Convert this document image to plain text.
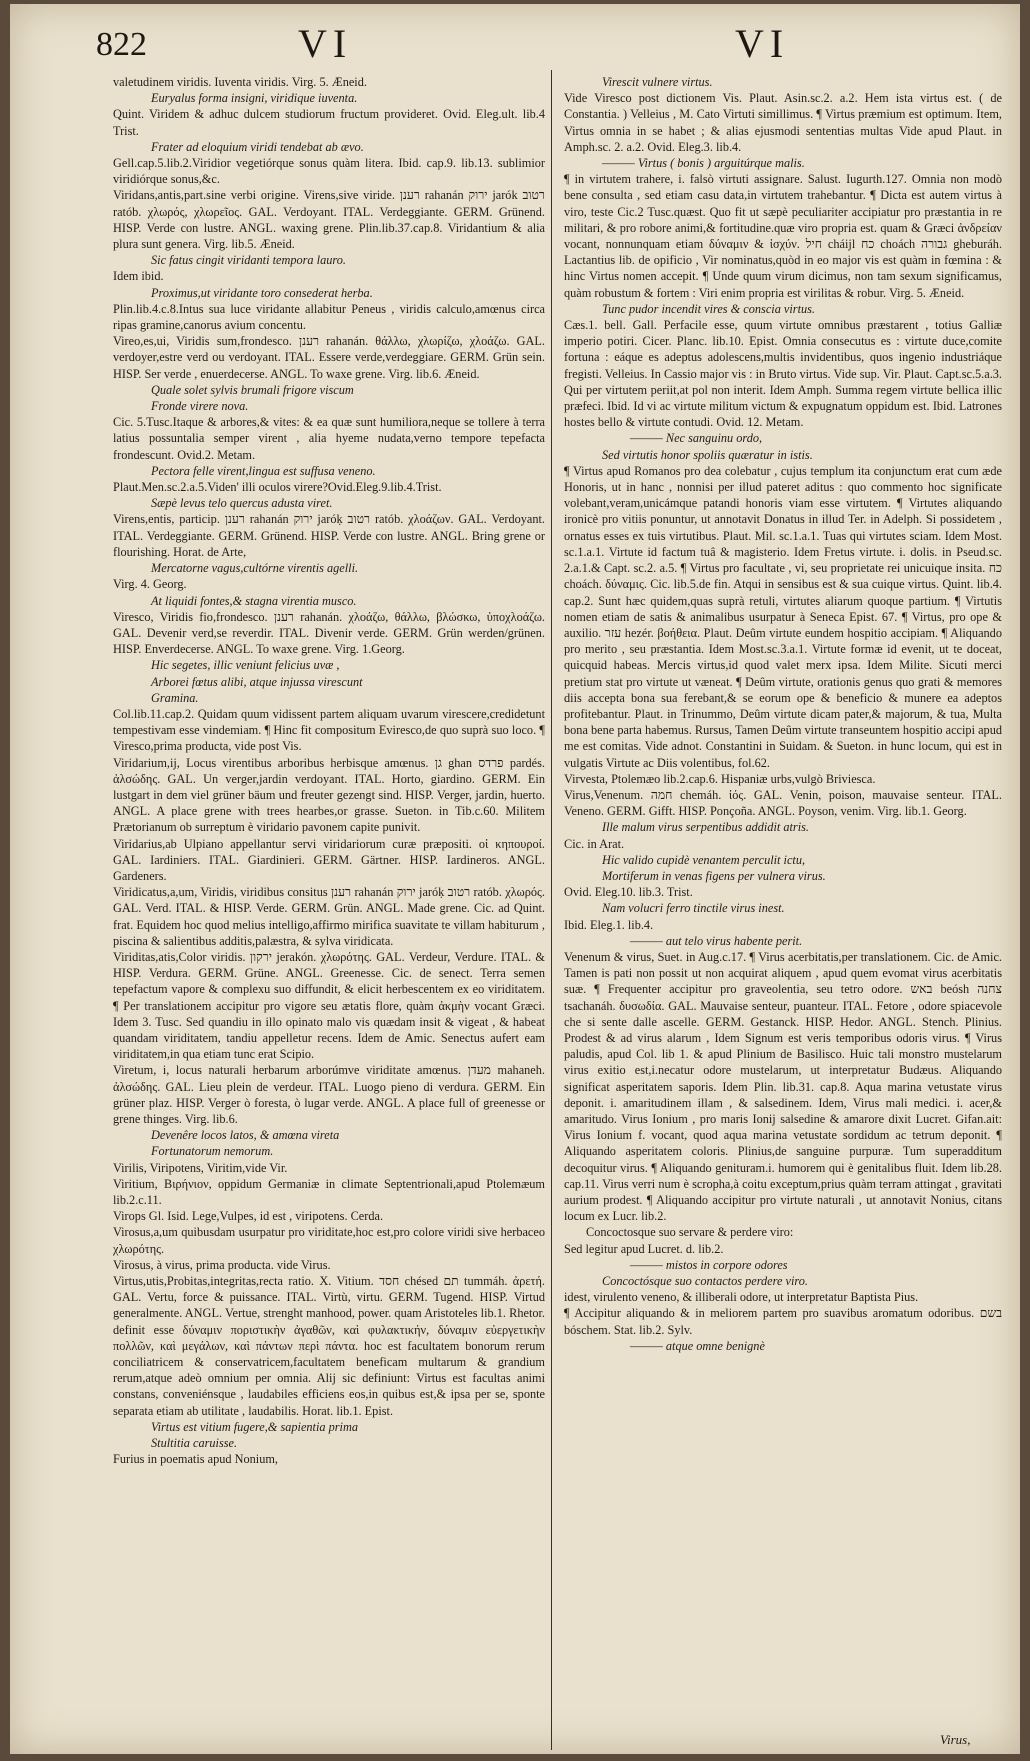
822	VI	VI

valetudinem viridis. Iuventa viridis. Virg. 5. Æneid.

Euryalus forma insigni, viridique iuventa.

Quint. Viridem & adhuc dulcem studiorum fructum provideret. Ovid. Eleg.ult. lib.4 Trist.

Frater ad eloquium viridi tendebat ab ævo.

Gell.cap.5.lib.2.Viridior vegetiórque sonus quàm litera. Ibid. cap.9. lib.13. sublimior viridiórque sonus,&c.

Viridans,antis,part.sine verbi origine. Virens,sive viride. רענן rahanán ירוק jarók רטוב ratób. χλωρός, χλωρεῖος. GAL. Verdoyant. ITAL. Verdeggiante. GERM. Grünend. HISP. Verde con lustre. ANGL. waxing grene. Plin.lib.37.cap.8. Viridantium & alia plura sunt genera. Virg. lib.5. Æneid.

Sic fatus cingit viridanti tempora lauro.

Idem ibid.

Proximus,ut viridante toro consederat herba.

Plin.lib.4.c.8.Intus sua luce viridante allabitur Peneus , viridis calculo,amœnus circa ripas gramine,canorus avium concentu.

Vireo,es,ui, Viridis sum,frondesco. רענן rahanán. θάλλω, χλωρίζω, χλοάζω. GAL. verdoyer,estre verd ou verdoyant. ITAL. Essere verde,verdeggiare. GERM. Grün sein. HISP. Ser verde , enuerdecerse. ANGL. To waxe grene. Virg. lib.6. Æneid.

Quale solet sylvis brumali frigore viscum

Fronde virere nova.

Cic. 5.Tusc.Itaque & arbores,& vites: & ea quæ sunt humiliora,neque se tollere à terra latius possuntalia semper virent , alia hyeme nudata,verno tempore tepefacta frondescunt. Ovid.2. Metam.

Pectora felle virent,lingua est suffusa veneno.

Plaut.Men.sc.2.a.5.Viden' illi oculos virere?Ovid.Eleg.9.lib.4.Trist.

Sæpè levus telo quercus adusta viret.

Virens,entis, particip. רענן rahanán ירוק jaróḳ רטוב ratób. χλοάζων. GAL. Verdoyant. ITAL. Verdeggiante. GERM. Grünend. HISP. Verde con lustre. ANGL. Bring grene or flourishing. Horat. de Arte,

Mercatorne vagus,cultórne virentis agelli.

Virg. 4. Georg.

At liquidi fontes,& stagna virentia musco.

Viresco, Viridis fio,frondesco. רענן rahanán. χλοάζω, θάλλω, βλώσκω, ὑποχλοάζω. GAL. Devenir verd,se reverdir. ITAL. Divenir verde. GERM. Grün werden/grünen. HISP. Enverdecerse. ANGL. To waxe grene. Virg. 1.Georg.

Hic segetes, illic veniunt felicius uvæ ,

Arborei fœtus alibi, atque injussa virescunt

Gramina.

Col.lib.11.cap.2. Quidam quum vidissent partem aliquam uvarum virescere,credidetunt tempestivam esse vindemiam. ¶ Hinc fit compositum Eviresco,de quo suprà suo loco. ¶ Viresco,prima producta, vide post Vis.

Viridarium,ij, Locus virentibus arboribus herbisque amœnus. גן ghan פרדס pardés. ἀλσώδης. GAL. Un verger,jardin verdoyant. ITAL. Horto, giardino. GERM. Ein lustgart in dem viel grüner bäum und freuter gezengt sind. HISP. Verger, jardin, huerto. ANGL. A place grene with trees hearbes,or grasse. Sueton. in Tib.c.60. Militem Prætorianum ob surreptum è viridario pavonem capite punivit.

Viridarius,ab Ulpiano appellantur servi viridariorum curæ præpositi. οἱ κηπουροί. GAL. Iardiniers. ITAL. Giardinieri. GERM. Gärtner. HISP. Iardineros. ANGL. Gardeners.

Viridicatus,a,um, Viridis, viridibus consitus רענן rahanán ירוק jaróḳ רטוב ratób. χλωρός. GAL. Verd. ITAL. & HISP. Verde. GERM. Grün. ANGL. Made grene. Cic. ad Quint. frat. Equidem hoc quod melius intelligo,affirmo mirifica suavitate te villam habiturum , piscina & salientibus additis,palæstra, & sylva viridicata.

Viriditas,atis,Color viridis. ירקון jerakón. χλωρότης. GAL. Verdeur, Verdure. ITAL. & HISP. Verdura. GERM. Grüne. ANGL. Greenesse. Cic. de senect. Terra semen tepefactum vapore & complexu suo diffundit, & elicit herbescentem ex eo viriditatem. ¶ Per translationem accipitur pro vigore seu ætatis flore, quàm ἀκμὴν vocant Græci. Idem 3. Tusc. Sed quandiu in illo opinato malo vis quædam insit & vigeat , & habeat quandam viriditatem, tandiu appelletur recens. Idem de Amic. Senectus aufert eam viriditatem,in qua etiam tunc erat Scipio.

Viretum, i, locus naturali herbarum arborúmve viriditate amœnus. מעדן mahaneh. ἀλσώδης. GAL. Lieu plein de verdeur. ITAL. Luogo pieno di verdura. GERM. Ein grüner plaz. HISP. Verger ò foresta, ò lugar verde. ANGL. A place full of greenesse or grene thinges. Virg. lib.6.

Devenêre locos latos, & amœna vireta

Fortunatorum nemorum.

Virilis, Viripotens, Viritim,vide Vir.

Viritium, Βιρήνιον, oppidum Germaniæ in climate Septentrionali,apud Ptolemæum lib.2.c.11.

Virops Gl. Isid. Lege,Vulpes, id est , viripotens. Cerda.

Virosus,a,um quibusdam usurpatur pro viriditate,hoc est,pro colore viridi sive herbaceo χλωρότης.

Virosus, à virus, prima producta. vide Virus.

Virtus,utis,Probitas,integritas,recta ratio. X. Vitium. חסד chésed תם tummáh. ἀρετή. GAL. Vertu, force & puissance. ITAL. Virtù, virtu. GERM. Tugend. HISP. Virtud generalmente. ANGL. Vertue, strenght manhood, power. quam Aristoteles lib.1. Rhetor. definit esse δύναμιν ποριστικὴν ἀγαθῶν, καὶ φυλακτικήν, δύναμιν εὐεργετικὴν πολλῶν, καὶ μεγάλων, καὶ πάντων περὶ πάντα. hoc est facultatem bonorum rerum conciliatricem & conservatricem,facultatem beneficam multarum & grandium rerum,atque adeò omnium per omnia. Alij sic definiunt: Virtus est facultas animi constans, conveniénsque , laudabiles efficiens eos,in quibus est,& ipsa per se, sponte separata etiam ab utilitate , laudabilis. Horat. lib.1. Epist.

Virtus est vitium fugere,& sapientia prima

Stultitia caruisse.

Furius in poematis apud Nonium,

Virescit vulnere virtus.

Vide Viresco post dictionem Vis. Plaut. Asin.sc.2. a.2. Hem ista virtus est. ( de Constantia. ) Velleius , M. Cato Virtuti simillimus. ¶ Virtus præmium est optimum. Item, Virtus omnia in se habet ; & alias ejusmodi sententias multas Vide apud Plaut. in Amph.sc. 2. a.2. Ovid. Eleg.3. lib.4.

——— Virtus ( bonis ) arguitúrque malis.

¶ in virtutem trahere, i. falsò virtuti assignare. Salust. Iugurth.127. Omnia non modò bene consulta , sed etiam casu data,in virtutem trahebantur. ¶ Dicta est autem virtus à viro, teste Cic.2 Tusc.quæst. Quo fit ut sæpè peculiariter accipiatur pro præstantia in re militari, & pro robore animi,& fortitudine.quæ viro propria est. quam & Græci ἀνδρείαν vocant, nonnunquam etiam δύναμιν & ἰσχύν. חיל cháijl כח choách גבורה gheburáh. Lactantius lib. de opificio , Vir nominatus,quòd in eo major vis est quàm in fœmina : & hinc Virtus nomen accepit. ¶ Unde quum virum dicimus, non tam sexum significamus, quàm robustum & fortem : Viri enim propria est virilitas & robur. Virg. 5. Æneid.

Tunc pudor incendit vires & conscia virtus.

Cæs.1. bell. Gall. Perfacile esse, quum virtute omnibus præstarent , totius Galliæ imperio potiri. Cicer. Planc. lib.10. Epist. Omnia consecutus es : virtute duce,comite fortuna : eáque es adeptus adolescens,multis invidentibus, quos ingenio industriáque fregisti. Velleius. In Cassio major vis : in Bruto virtus. Vide sup. Vir. Plaut. Capt.sc.5.a.3. Qui per virtutem periit,at pol non interit. Idem Amph. Summa regem virtute bellica illic præfeci. Ibid. Id vi ac virtute militum victum & expugnatum oppidum est. Ibid. Latrones hostes bello & virtute contudi. Ovid. 12. Metam.

——— Nec sanguinu ordo,

Sed virtutis honor spoliis quæratur in istis.

¶ Virtus apud Romanos pro dea colebatur , cujus templum ita conjunctum erat cum æde Honoris, ut in hanc , nonnisi per illud pateret aditus : quo commento hoc significate volebant,veram,unicámque patandi honoris viam esse virtutem. ¶ Virtutes aliquando ironicè pro vitiis ponuntur, ut annotavit Donatus in illud Ter. in Adelph. Si possidetem , ornatus esses ex tuis virtutibus. Plaut. Mil. sc.1.a.1. Tuas qui virtutes sciam. Idem Most. sc.1.a.1. Virtute id factum tuâ & magisterio. Idem Fretus virtute. i. dolis. in Pseud.sc. 2.a.1.& Capt. sc.2. a.5. ¶ Virtus pro facultate , vi, seu proprietate rei unicuique insita. כח choách. δύναμις. Cic. lib.5.de fin. Atqui in sensibus est & sua cuique virtus. Quint. lib.4. cap.2. Sunt hæc quidem,quas suprà retuli, virtutes aliarum quoque partium. ¶ Virtutis nomen etiam de satis & animalibus usurpatur à Seneca Epist. 67. ¶ Virtus, pro ope & auxilio. עזר hezér. βοήθεια. Plaut. Deûm virtute eundem hospitio accipiam. ¶ Aliquando pro merito , seu præstantia. Idem Most.sc.3.a.1. Virtute formæ id evenit, ut te doceat, quicquid habeas. Mercis virtus,id quod valet merx ipsa. Idem Milite. Sicuti merci pretium stat pro virtute ut væneat. ¶ Deûm virtute, orationis genus quo grati & memores diis accepta bona sua ferebant,& se eorum ope & beneficio & munere ea adeptos profitebantur. Plaut. in Trinummo, Deûm virtute dicam pater,& majorum, & tua, Multa bona bene parta habemus. Rursus, Tamen Deûm virtute transeuntem hospitio accipi apud me est comitas. Vide adnot. Constantini in Suidam. & Sueton. in hunc locum, qui est in vulgatis Virtute ac Diis volentibus, fol.62.

Virvesta, Ptolemæo lib.2.cap.6. Hispaniæ urbs,vulgò Briviesca.

Virus,Venenum. חמה chemáh. ἰός. GAL. Venin, poison, mauvaise senteur. ITAL. Veneno. GERM. Gifft. HISP. Ponçoña. ANGL. Poyson, venim. Virg. lib.1. Georg.

Ille malum virus serpentibus addidit atris.

Cic. in Arat.

Hic valido cupidè venantem perculit ictu,

Mortiferum in venas figens per vulnera virus.

Ovid. Eleg.10. lib.3. Trist.

Nam volucri ferro tinctile virus inest.

Ibid. Eleg.1. lib.4.

——— aut telo virus habente perit.

Venenum & virus, Suet. in Aug.c.17. ¶ Virus acerbitatis,per translationem. Cic. de Amic. Tamen is pati non possit ut non acquirat aliquem , apud quem evomat virus acerbitatis suæ. ¶ Frequenter accipitur pro graveolentia, seu tetro odore. באש beósh צחנה tsachanáh. δυσωδία. GAL. Mauvaise senteur, puanteur. ITAL. Fetore , odore spiacevole che si sente dalle ascelle. GERM. Gestanck. HISP. Hedor. ANGL. Stench. Plinius. Prodest & ad virus alarum , Idem Signum est veris temporibus odoris virus. ¶ Virus paludis, apud Col. lib 1. & apud Plinium de Basilisco. Huic tali monstro mustelarum virus exitio est,i.necatur odore mustelarum, ut interpretatur Budæus. Aliquando significat asperitatem saporis. Idem Plin. lib.31. cap.8. Aqua marina vetustate virus deponit. i. amaritudinem illam , & salsedinem. Idem, Virus mali medici. i. acer,& amaritudo. Virus Ionium , pro maris Ionij salsedine & amarore dixit Lucret. Gifan.ait: Virus Ionium f. vocant, quod aqua marina vetustate sordidum ac tetrum deponit. ¶ Aliquando asperitatem coloris. Plinius,de sanguine purpuræ. Tum superadditum decoquitur virus. ¶ Aliquando genituram.i. humorem qui è genitalibus fluit. Idem lib.28. cap.11. Virus verri num è scropha,à coitu exceptum,prius quàm terram attingat , gravitati aurium prodest. ¶ Aliquando accipitur pro virtute naturali , ut annotavit Nonius, citans locum ex Lucr. lib.2.

Concoctosque suo servare & perdere viro:

Sed legitur apud Lucret. d. lib.2.

——— mistos in corpore odores

Concoctósque suo contactos perdere viro.

idest, virulento veneno, & illiberali odore, ut interpretatur Baptista Pius.

¶ Accipitur aliquando & in meliorem partem pro suavibus aromatum odoribus. בשם bóschem. Stat. lib.2. Sylv.

——— atque omne benignè

Virus,
